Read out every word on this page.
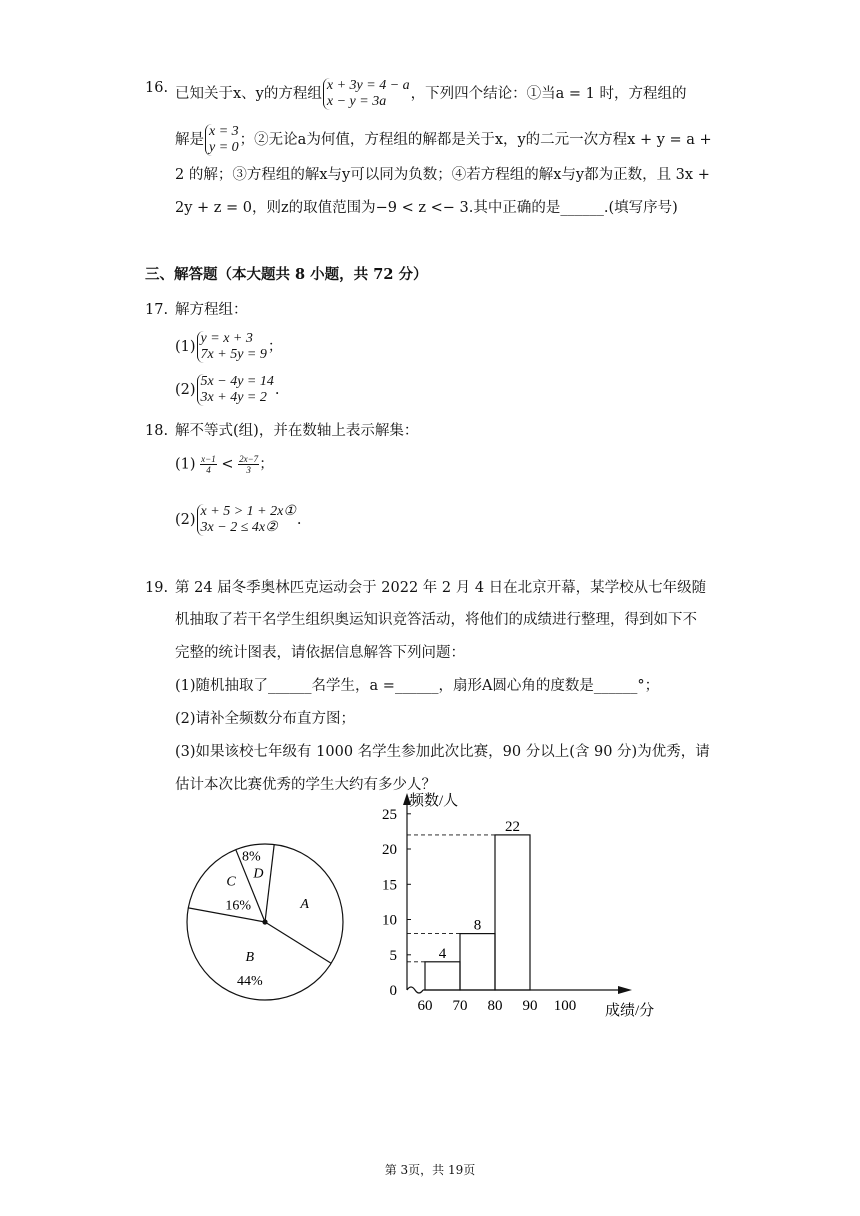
16. 已知关于x、y的方程组x + 3y = 4 − a
x − y = 3a ，下列四个结论：①当a = 1 时，方程组的
解是x = 3
y = 0；②无论a为何值，方程组的解都是关于x，y的二元一次方程x + y = a +
2 的解；③方程组的解x与y可以同为负数；④若方程组的解x与y都为正数，且 3x +
2y + z = 0，则z的取值范围为−9 < z <− 3.其中正确的是______.(填写序号)
三、解答题（本大题共 8 小题，共 72 分）
17. 解方程组：
(1)y = x + 3
7x + 5y = 9；
(2)5x − 4y = 14
3x + 4y = 2 .
18. 解不等式(组)，并在数轴上表示解集：
$(1) \frac{x-1}{4} < \frac{2x-7}{3}$ ；
(2)x + 5 > 1 + 2x①
3x − 2 ≤ 4x② .
19. 第 24 届冬季奥林匹克运动会于 2022 年 2 月 4 日在北京开幕，某学校从七年级随
机抽取了若干名学生组织奥运知识竞答活动，将他们的成绩进行整理，得到如下不
完整的统计图表，请依据信息解答下列问题：
(1)随机抽取了______名学生，a =______，扇形A圆心角的度数是______°；
(2)请补全频数分布直方图；
(3)如果该校七年级有 1000 名学生参加此次比赛，90 分以上(含 90 分)为优秀，请
估计本次比赛优秀的学生大约有多少人？
A
B
44%
C
16%
D
8%
0
5
10
15
20
25
60 70 80 90 100
频数/人
成绩/分
4
8
22
第 3页，共 19页
